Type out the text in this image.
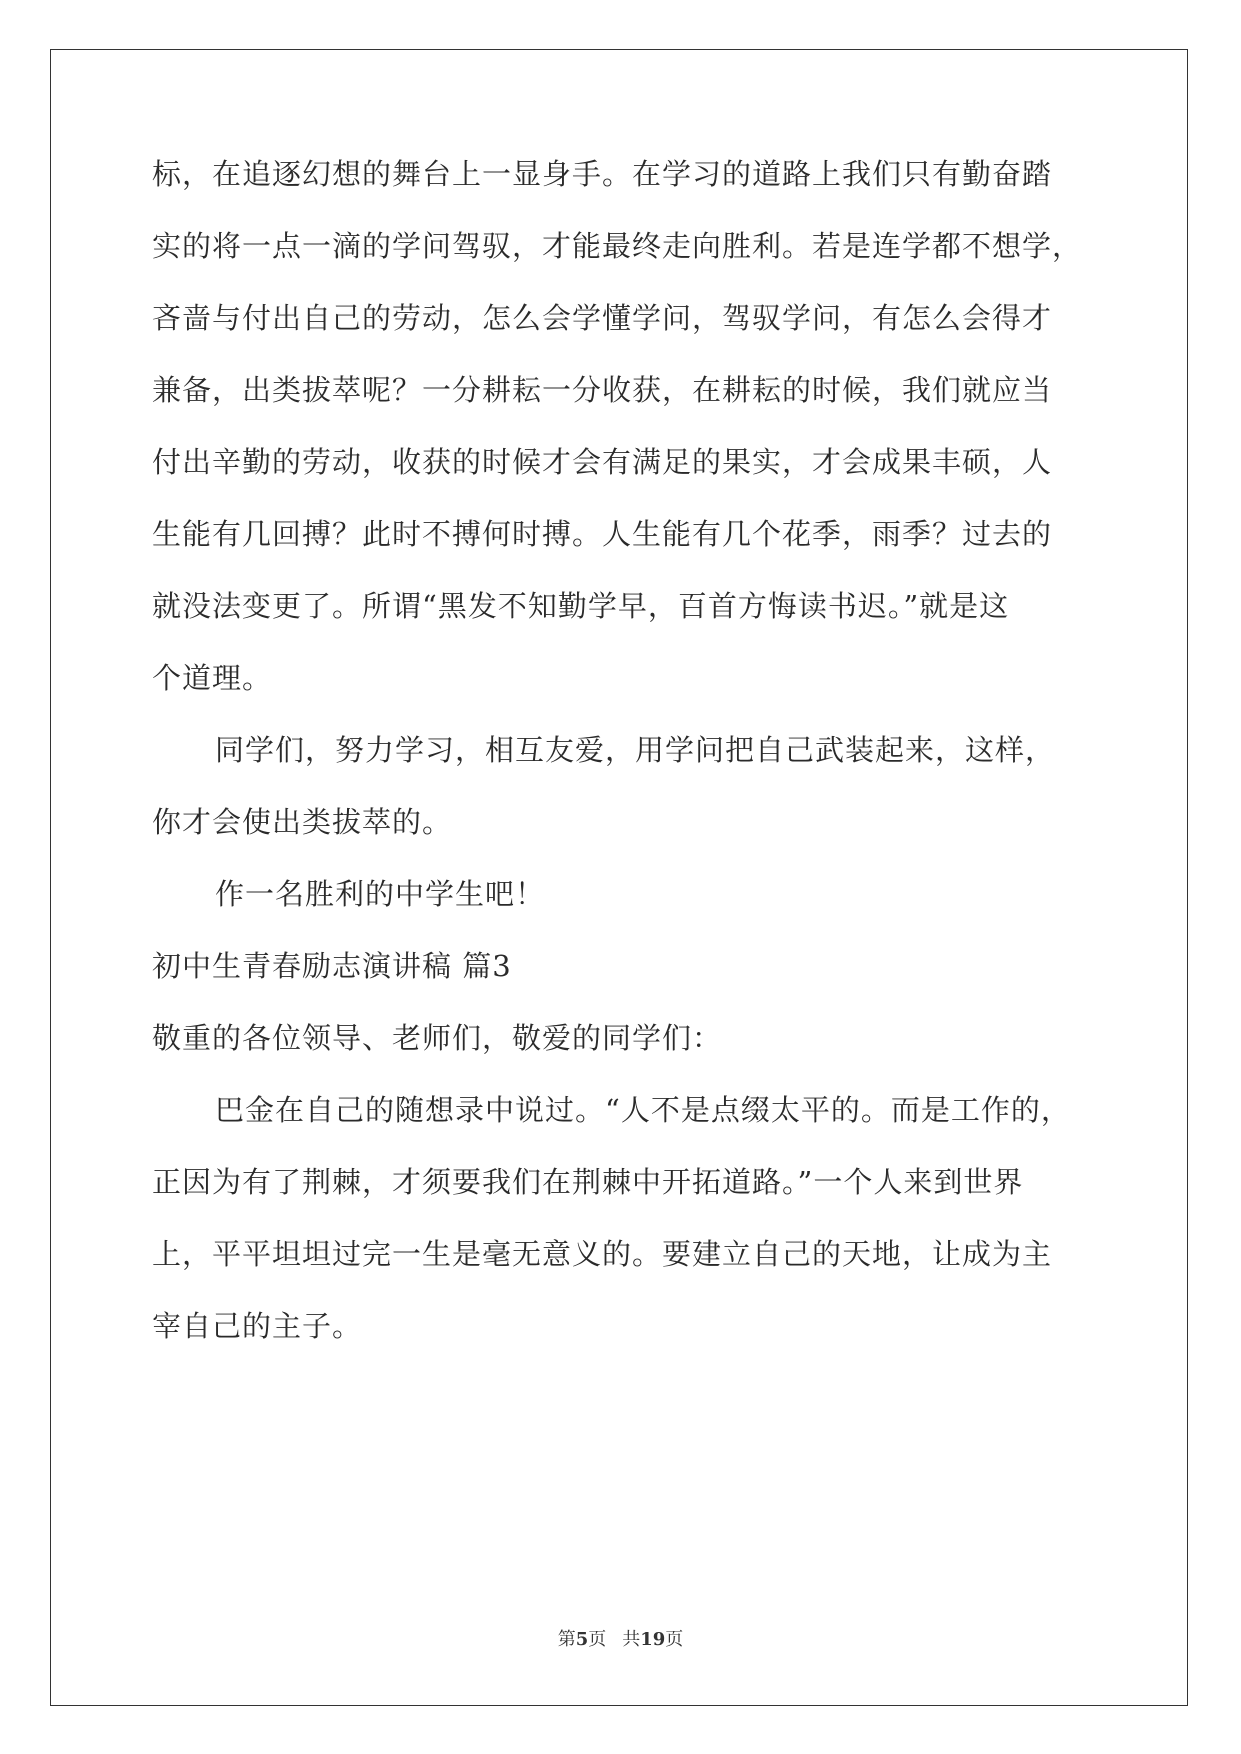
标，在追逐幻想的舞台上一显身手。在学习的道路上我们只有勤奋踏
实的将一点一滴的学问驾驭，才能最终走向胜利。若是连学都不想学，
吝啬与付出自己的劳动，怎么会学懂学问，驾驭学问，有怎么会得才
兼备，出类拔萃呢？一分耕耘一分收获，在耕耘的时候，我们就应当
付出辛勤的劳动，收获的时候才会有满足的果实，才会成果丰硕，人
生能有几回搏？此时不搏何时搏。人生能有几个花季，雨季？过去的
就没法变更了。所谓“黑发不知勤学早，百首方悔读书迟。”就是这
个道理。
同学们，努力学习，相互友爱，用学问把自己武装起来，这样，
你才会使出类拔萃的。
作一名胜利的中学生吧！
初中生青春励志演讲稿 篇3
敬重的各位领导、老师们，敬爱的同学们：
巴金在自己的随想录中说过。“人不是点缀太平的。而是工作的，
正因为有了荆棘，才须要我们在荆棘中开拓道路。”一个人来到世界
上，平平坦坦过完一生是毫无意义的。要建立自己的天地，让成为主
宰自己的主子。
第5页 共19页
